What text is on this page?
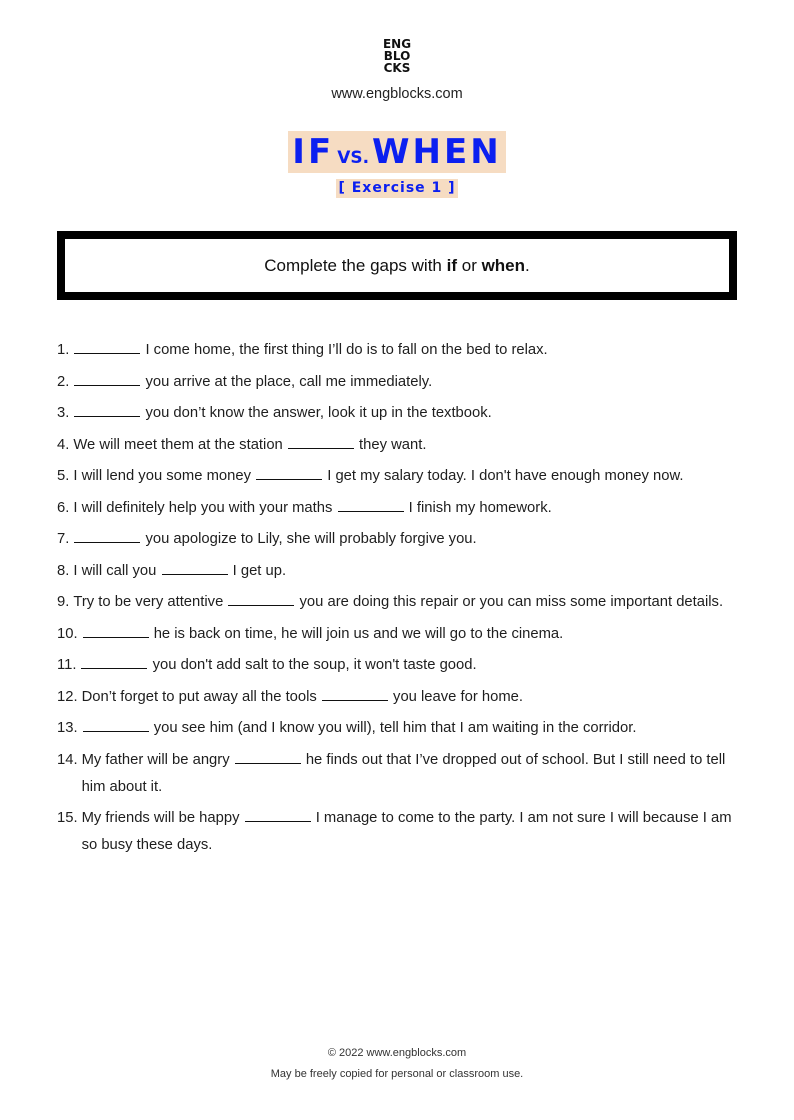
ENG
BLO
CKS
www.engblocks.com
IF VS.WHEN
[ Exercise 1 ]
Complete the gaps with if or when.
1.	I come home, the first thing I’ll do is to fall on the bed to relax.
2.	you arrive at the place, call me immediately.
3.	you don’t know the answer, look it up in the textbook.
4. We will meet them at the station	they want.
5. I will lend you some money	I get my salary today. I don't have enough money now.
6. I will definitely help you with your maths	I finish my homework.
7.	you apologize to Lily, she will probably forgive you.
8. I will call you	I get up.
9. Try to be very attentive	you are doing this repair or you can miss some important details.
10.	he is back on time, he will join us and we will go to the cinema.
11.	you don't add salt to the soup, it won't taste good.
12. Don’t forget to put away all the tools	you leave for home.
13.	you see him (and I know you will), tell him that I am waiting in the corridor.
14. My father will be angry	he finds out that I’ve dropped out of school. But I still need to tell him about it.
15. My friends will be happy	I manage to come to the party. I am not sure I will because I am so busy these days.
© 2022 www.engblocks.com
May be freely copied for personal or classroom use.
